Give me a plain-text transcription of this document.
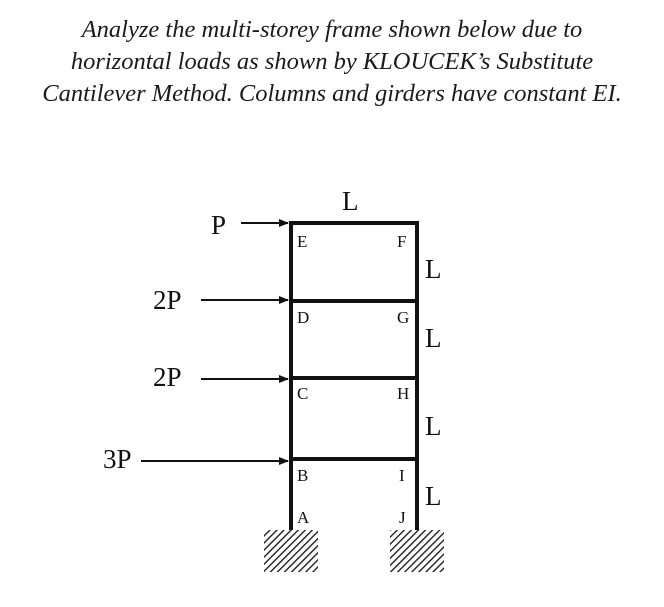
Analyze the multi-storey frame shown below due to
horizontal loads as shown by KLOUCEK’s Substitute
Cantilever Method. Columns and girders have constant EI.
P
2P
2P
3P
L
L
L
L
L
E	F
D	G
C	H
B	I
A	J
